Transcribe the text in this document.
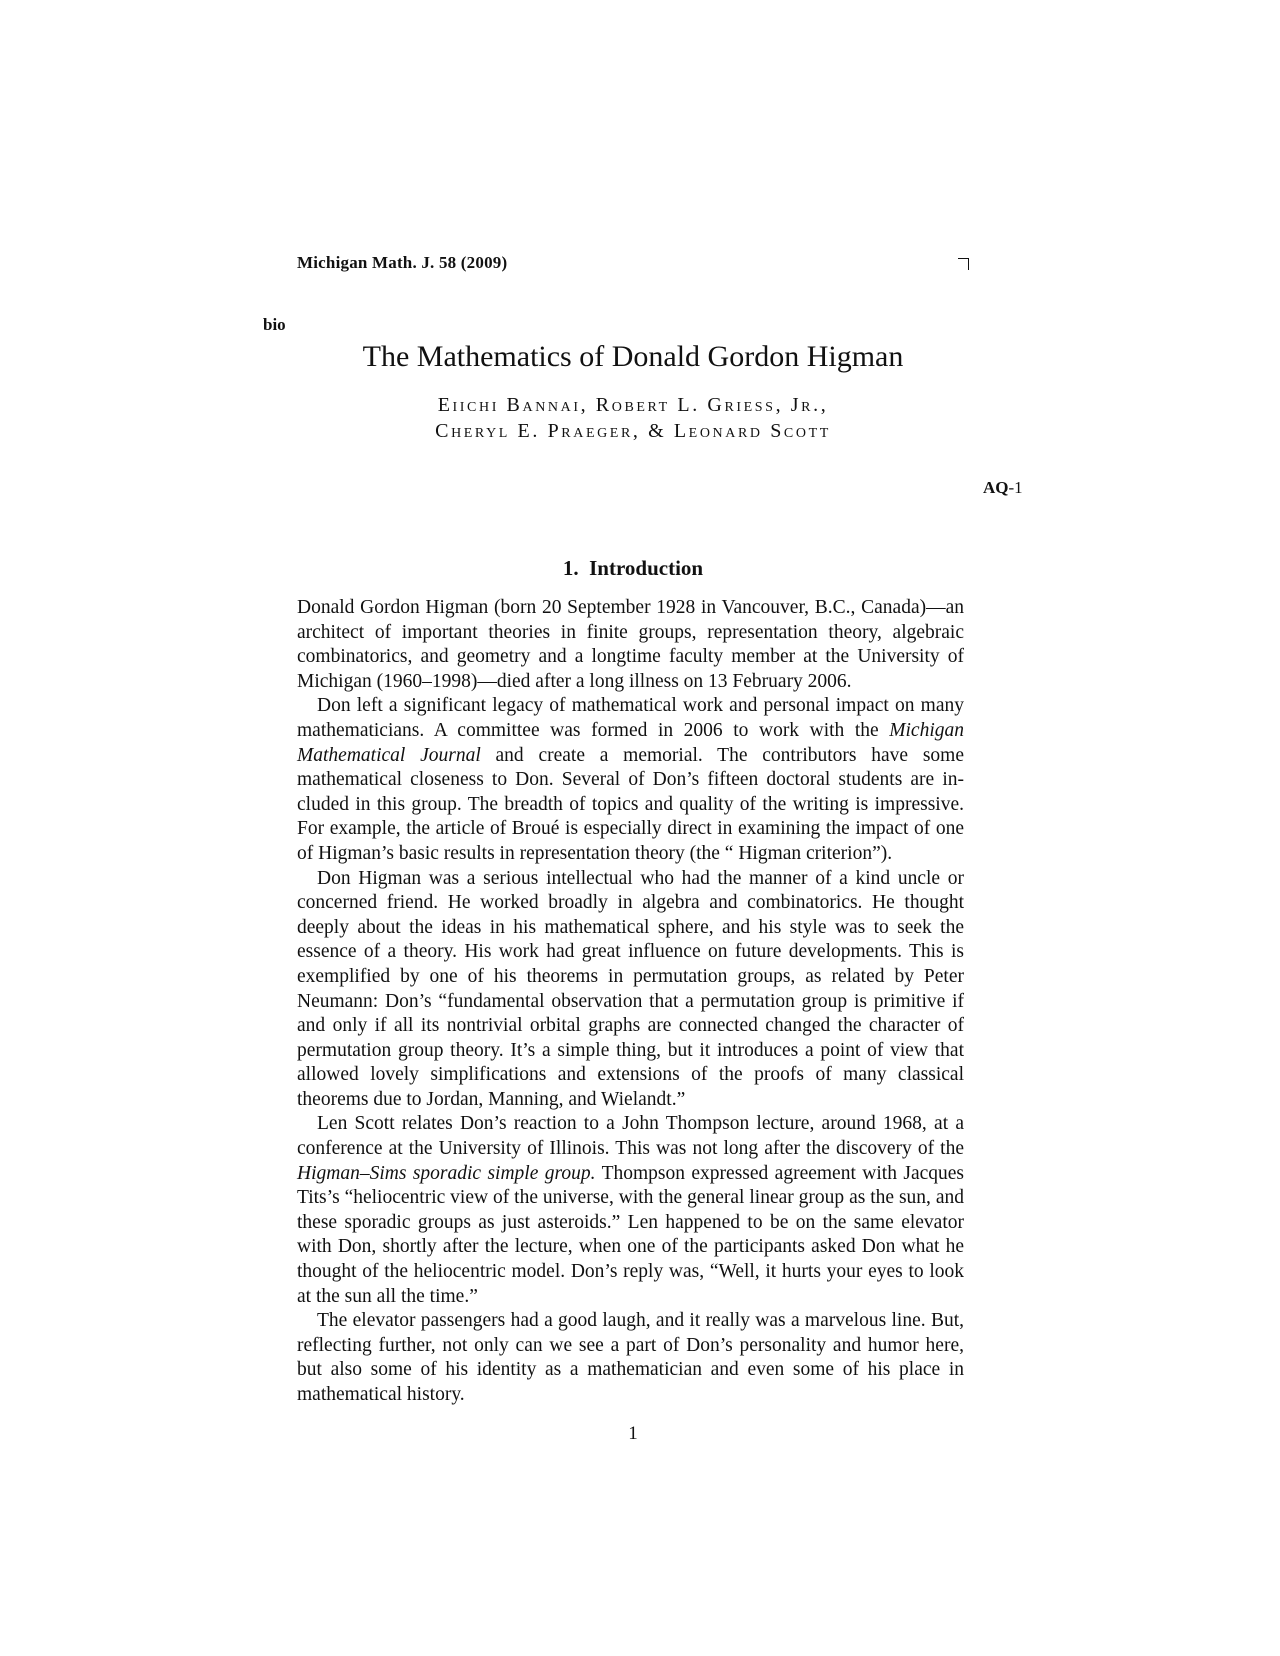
Michigan Math. J. 58 (2009)
bio
The Mathematics of Donald Gordon Higman
Eiichi Bannai, Robert L. Griess, Jr.,
Cheryl E. Praeger, & Leonard Scott
AQ-1
1. Introduction

Donald Gordon Higman (born 20 September 1928 in Vancouver, B.C., Canada)—an architect of important theories in finite groups, representation theory, algebraic combinatorics, and geometry and a longtime faculty member at the University of Michigan (1960–1998)—died after a long illness on 13 February 2006.

Don left a significant legacy of mathematical work and personal impact on many mathematicians. A committee was formed in 2006 to work with the Michigan Mathematical Journal and create a memorial. The contributors have some mathematical closeness to Don. Several of Don’s fifteen doctoral students are included in this group. The breadth of topics and quality of the writing is impressive. For example, the article of Broué is especially direct in examining the impact of one of Higman’s basic results in representation theory (the “ Higman criterion”).

Don Higman was a serious intellectual who had the manner of a kind uncle or concerned friend. He worked broadly in algebra and combinatorics. He thought deeply about the ideas in his mathematical sphere, and his style was to seek the essence of a theory. His work had great influence on future developments. This is exemplified by one of his theorems in permutation groups, as related by Peter Neumann: Don’s “fundamental observation that a permutation group is primitive if and only if all its nontrivial orbital graphs are connected changed the character of permutation group theory. It’s a simple thing, but it introduces a point of view that allowed lovely simplifications and extensions of the proofs of many classical theorems due to Jordan, Manning, and Wielandt.”

Len Scott relates Don’s reaction to a John Thompson lecture, around 1968, at a conference at the University of Illinois. This was not long after the discovery of the Higman–Sims sporadic simple group. Thompson expressed agreement with Jacques Tits’s “heliocentric view of the universe, with the general linear group as the sun, and these sporadic groups as just asteroids.” Len happened to be on the same elevator with Don, shortly after the lecture, when one of the participants asked Don what he thought of the heliocentric model. Don’s reply was, “Well, it hurts your eyes to look at the sun all the time.”

The elevator passengers had a good laugh, and it really was a marvelous line. But, reflecting further, not only can we see a part of Don’s personality and humor here, but also some of his identity as a mathematician and even some of his place in mathematical history.

1
